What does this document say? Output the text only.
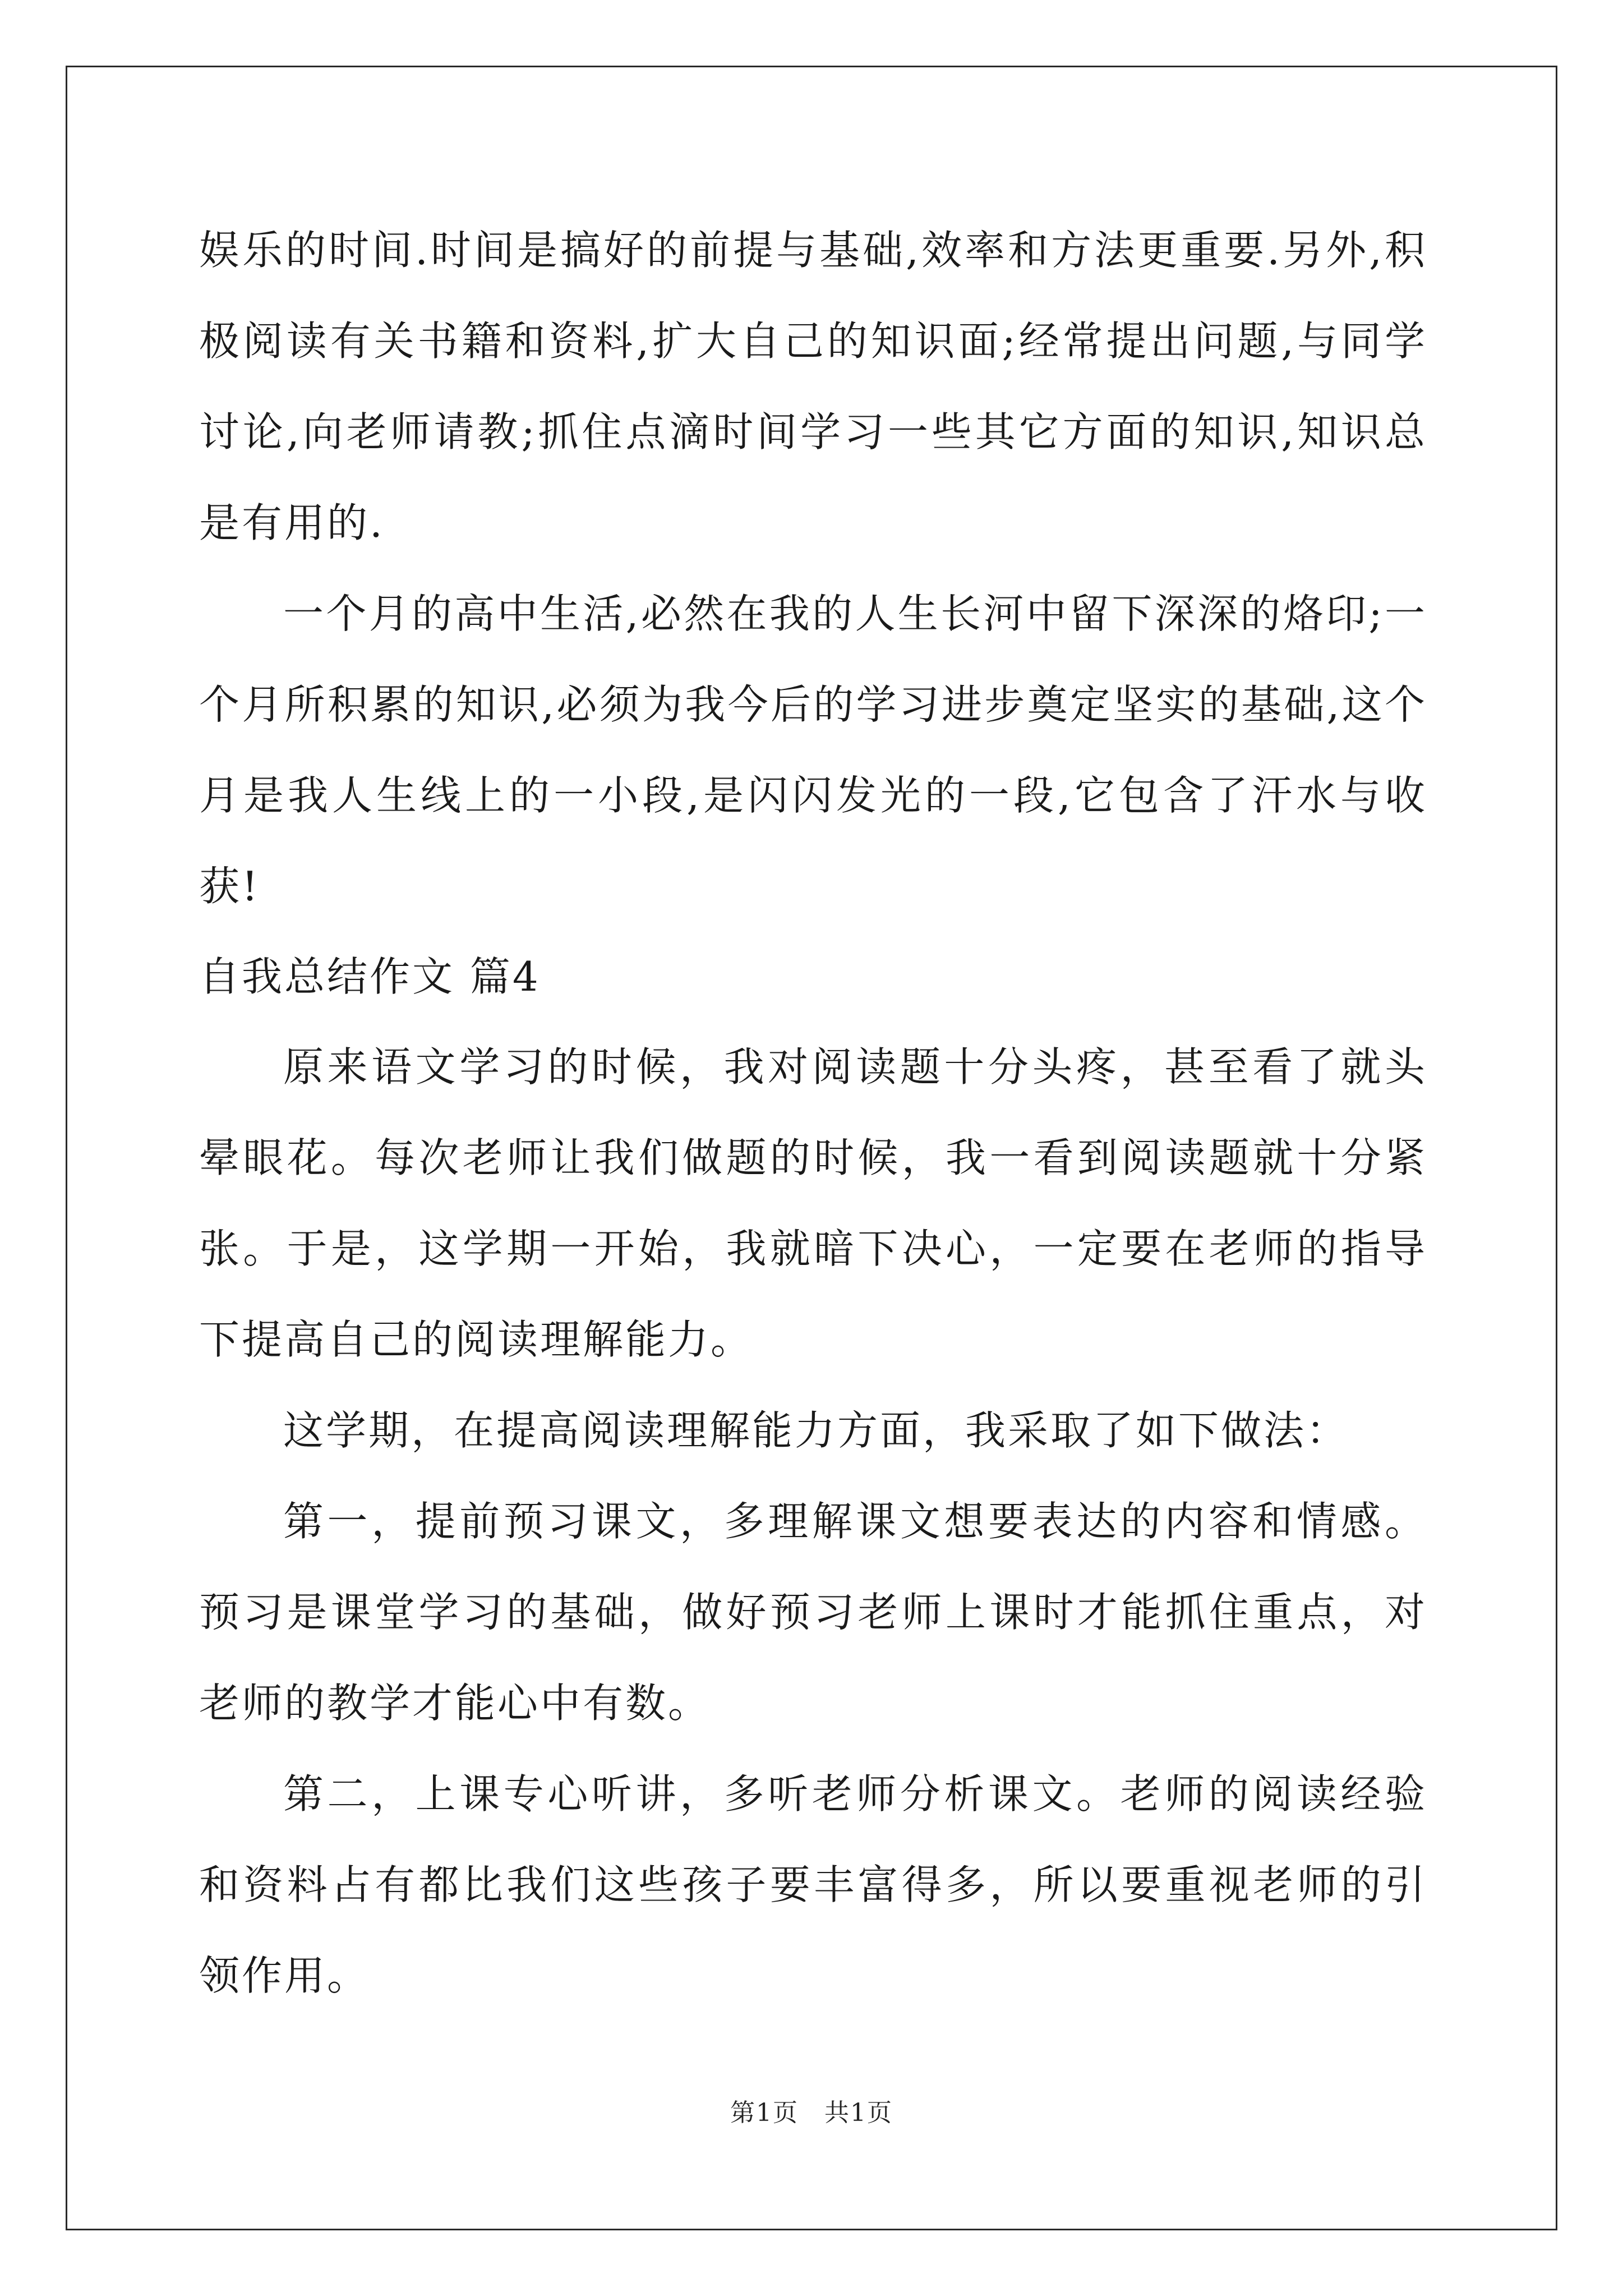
娱乐的时间.时间是搞好的前提与基础,效率和方法更重要.另外,积极阅读有关书籍和资料,扩大自己的知识面;经常提出问题,与同学讨论,向老师请教;抓住点滴时间学习一些其它方面的知识,知识总是有用的.

一个月的高中生活,必然在我的人生长河中留下深深的烙印;一个月所积累的知识,必须为我今后的学习进步奠定坚实的基础,这个月是我人生线上的一小段,是闪闪发光的一段,它包含了汗水与收获!

自我总结作文 篇4

原来语文学习的时候，我对阅读题十分头疼，甚至看了就头晕眼花。每次老师让我们做题的时候，我一看到阅读题就十分紧张。于是，这学期一开始，我就暗下决心，一定要在老师的指导下提高自己的阅读理解能力。

这学期，在提高阅读理解能力方面，我采取了如下做法：

第一，提前预习课文，多理解课文想要表达的内容和情感。预习是课堂学习的基础，做好预习老师上课时才能抓住重点，对老师的教学才能心中有数。

第二，上课专心听讲，多听老师分析课文。老师的阅读经验和资料占有都比我们这些孩子要丰富得多，所以要重视老师的引领作用。

第1页　共1页
